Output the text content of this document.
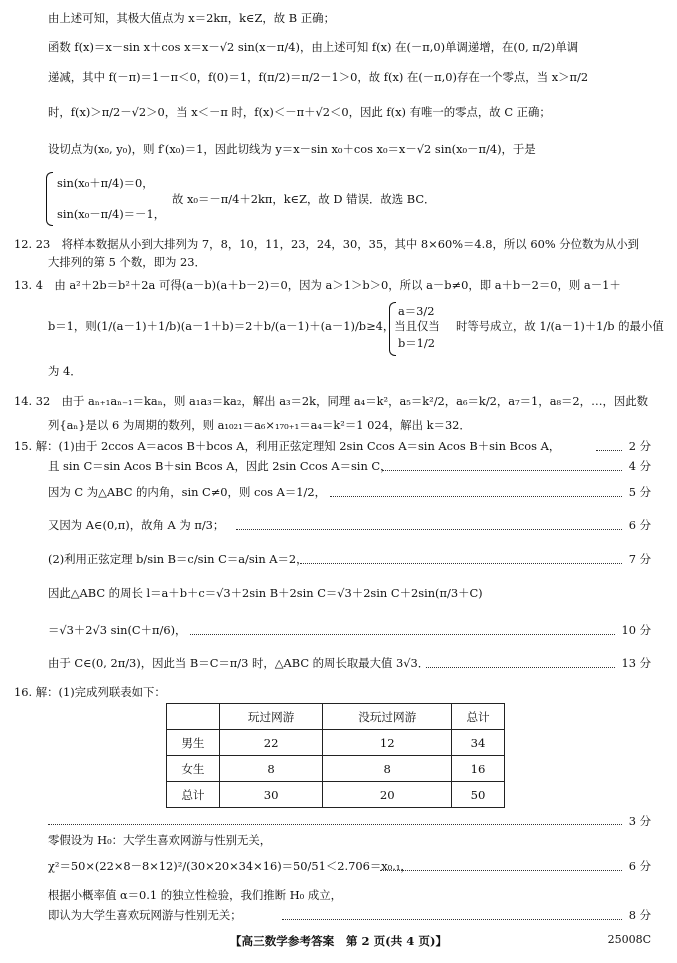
由上述可知，其极大值点为 x＝2kπ，k∈Z，故 B 正确；
函数 f(x)＝x－sin x＋cos x＝x－√2 sin(x－π/4)，由上述可知 f(x) 在(－π,0)单调递增，在(0, π/2)单调
递减，其中 f(－π)＝1－π＜0，f(0)＝1，f(π/2)＝π/2－1＞0，故 f(x) 在(－π,0)存在一个零点，当 x＞π/2
时，f(x)＞π/2－√2＞0，当 x＜－π 时，f(x)＜－π＋√2＜0，因此 f(x) 有唯一的零点，故 C 正确；
设切点为(x₀, y₀)，则 f′(x₀)＝1，因此切线为 y＝x－sin x₀＋cos x₀＝x－√2 sin(x₀－π/4)，于是
sin(x₀＋π/4)＝0，
sin(x₀－π/4)＝－1，
故 x₀＝－π/4＋2kπ，k∈Z，故 D 错误．故选 BC．
12. 23　将样本数据从小到大排列为 7，8，10，11，23，24，30，35，其中 8×60%＝4.8，所以 60% 分位数为从小到
大排列的第 5 个数，即为 23．
13. 4　由 a²＋2b＝b²＋2a 可得(a－b)(a＋b－2)＝0，因为 a＞1＞b＞0，所以 a－b≠0，即 a＋b－2＝0，则 a－1＋
b＝1，则(1/(a－1)＋1/b)(a－1＋b)＝2＋b/(a－1)＋(a－1)/b≥4，当且仅当
a＝3/2
b＝1/2
时等号成立，故 1/(a－1)＋1/b 的最小值
为 4．
14. 32　由于 aₙ₊₁aₙ₋₁＝kaₙ，则 a₁a₃＝ka₂，解出 a₃＝2k，同理 a₄＝k²，a₅＝k²/2，a₆＝k/2，a₇＝1，a₈＝2，…，因此数
列{aₙ}是以 6 为周期的数列，则 a₁₀₂₁＝a₆×₁₇₀₊₁＝a₄＝k²＝1 024，解出 k＝32．
15. 解：(1)由于 2ccos A＝acos B＋bcos A，利用正弦定理知 2sin Ccos A＝sin Acos B＋sin Bcos A，	2 分
且 sin C＝sin Acos B＋sin Bcos A，因此 2sin Ccos A＝sin C，	4 分
因为 C 为△ABC 的内角，sin C≠0，则 cos A＝1/2，	5 分
又因为 A∈(0,π)，故角 A 为 π/3；	6 分
(2)利用正弦定理 b/sin B＝c/sin C＝a/sin A＝2，	7 分
因此△ABC 的周长 l＝a＋b＋c＝√3＋2sin B＋2sin C＝√3＋2sin C＋2sin(π/3＋C)
＝√3＋2√3 sin(C＋π/6)，	10 分
由于 C∈(0, 2π/3)，因此当 B＝C＝π/3 时，△ABC 的周长取最大值 3√3．	13 分
16. 解：(1)完成列联表如下：
	玩过网游	没玩过网游	总计
男生	22	12	34
女生	8	8	16
总计	30	20	50
3 分
零假设为 H₀：大学生喜欢网游与性别无关，
χ²＝50×(22×8－8×12)²/(30×20×34×16)＝50/51＜2.706＝x₀.₁，	6 分
根据小概率值 α＝0.1 的独立性检验，我们推断 H₀ 成立，
即认为大学生喜欢玩网游与性别无关；	8 分
【高三数学参考答案　第 2 页(共 4 页)】	25008C
